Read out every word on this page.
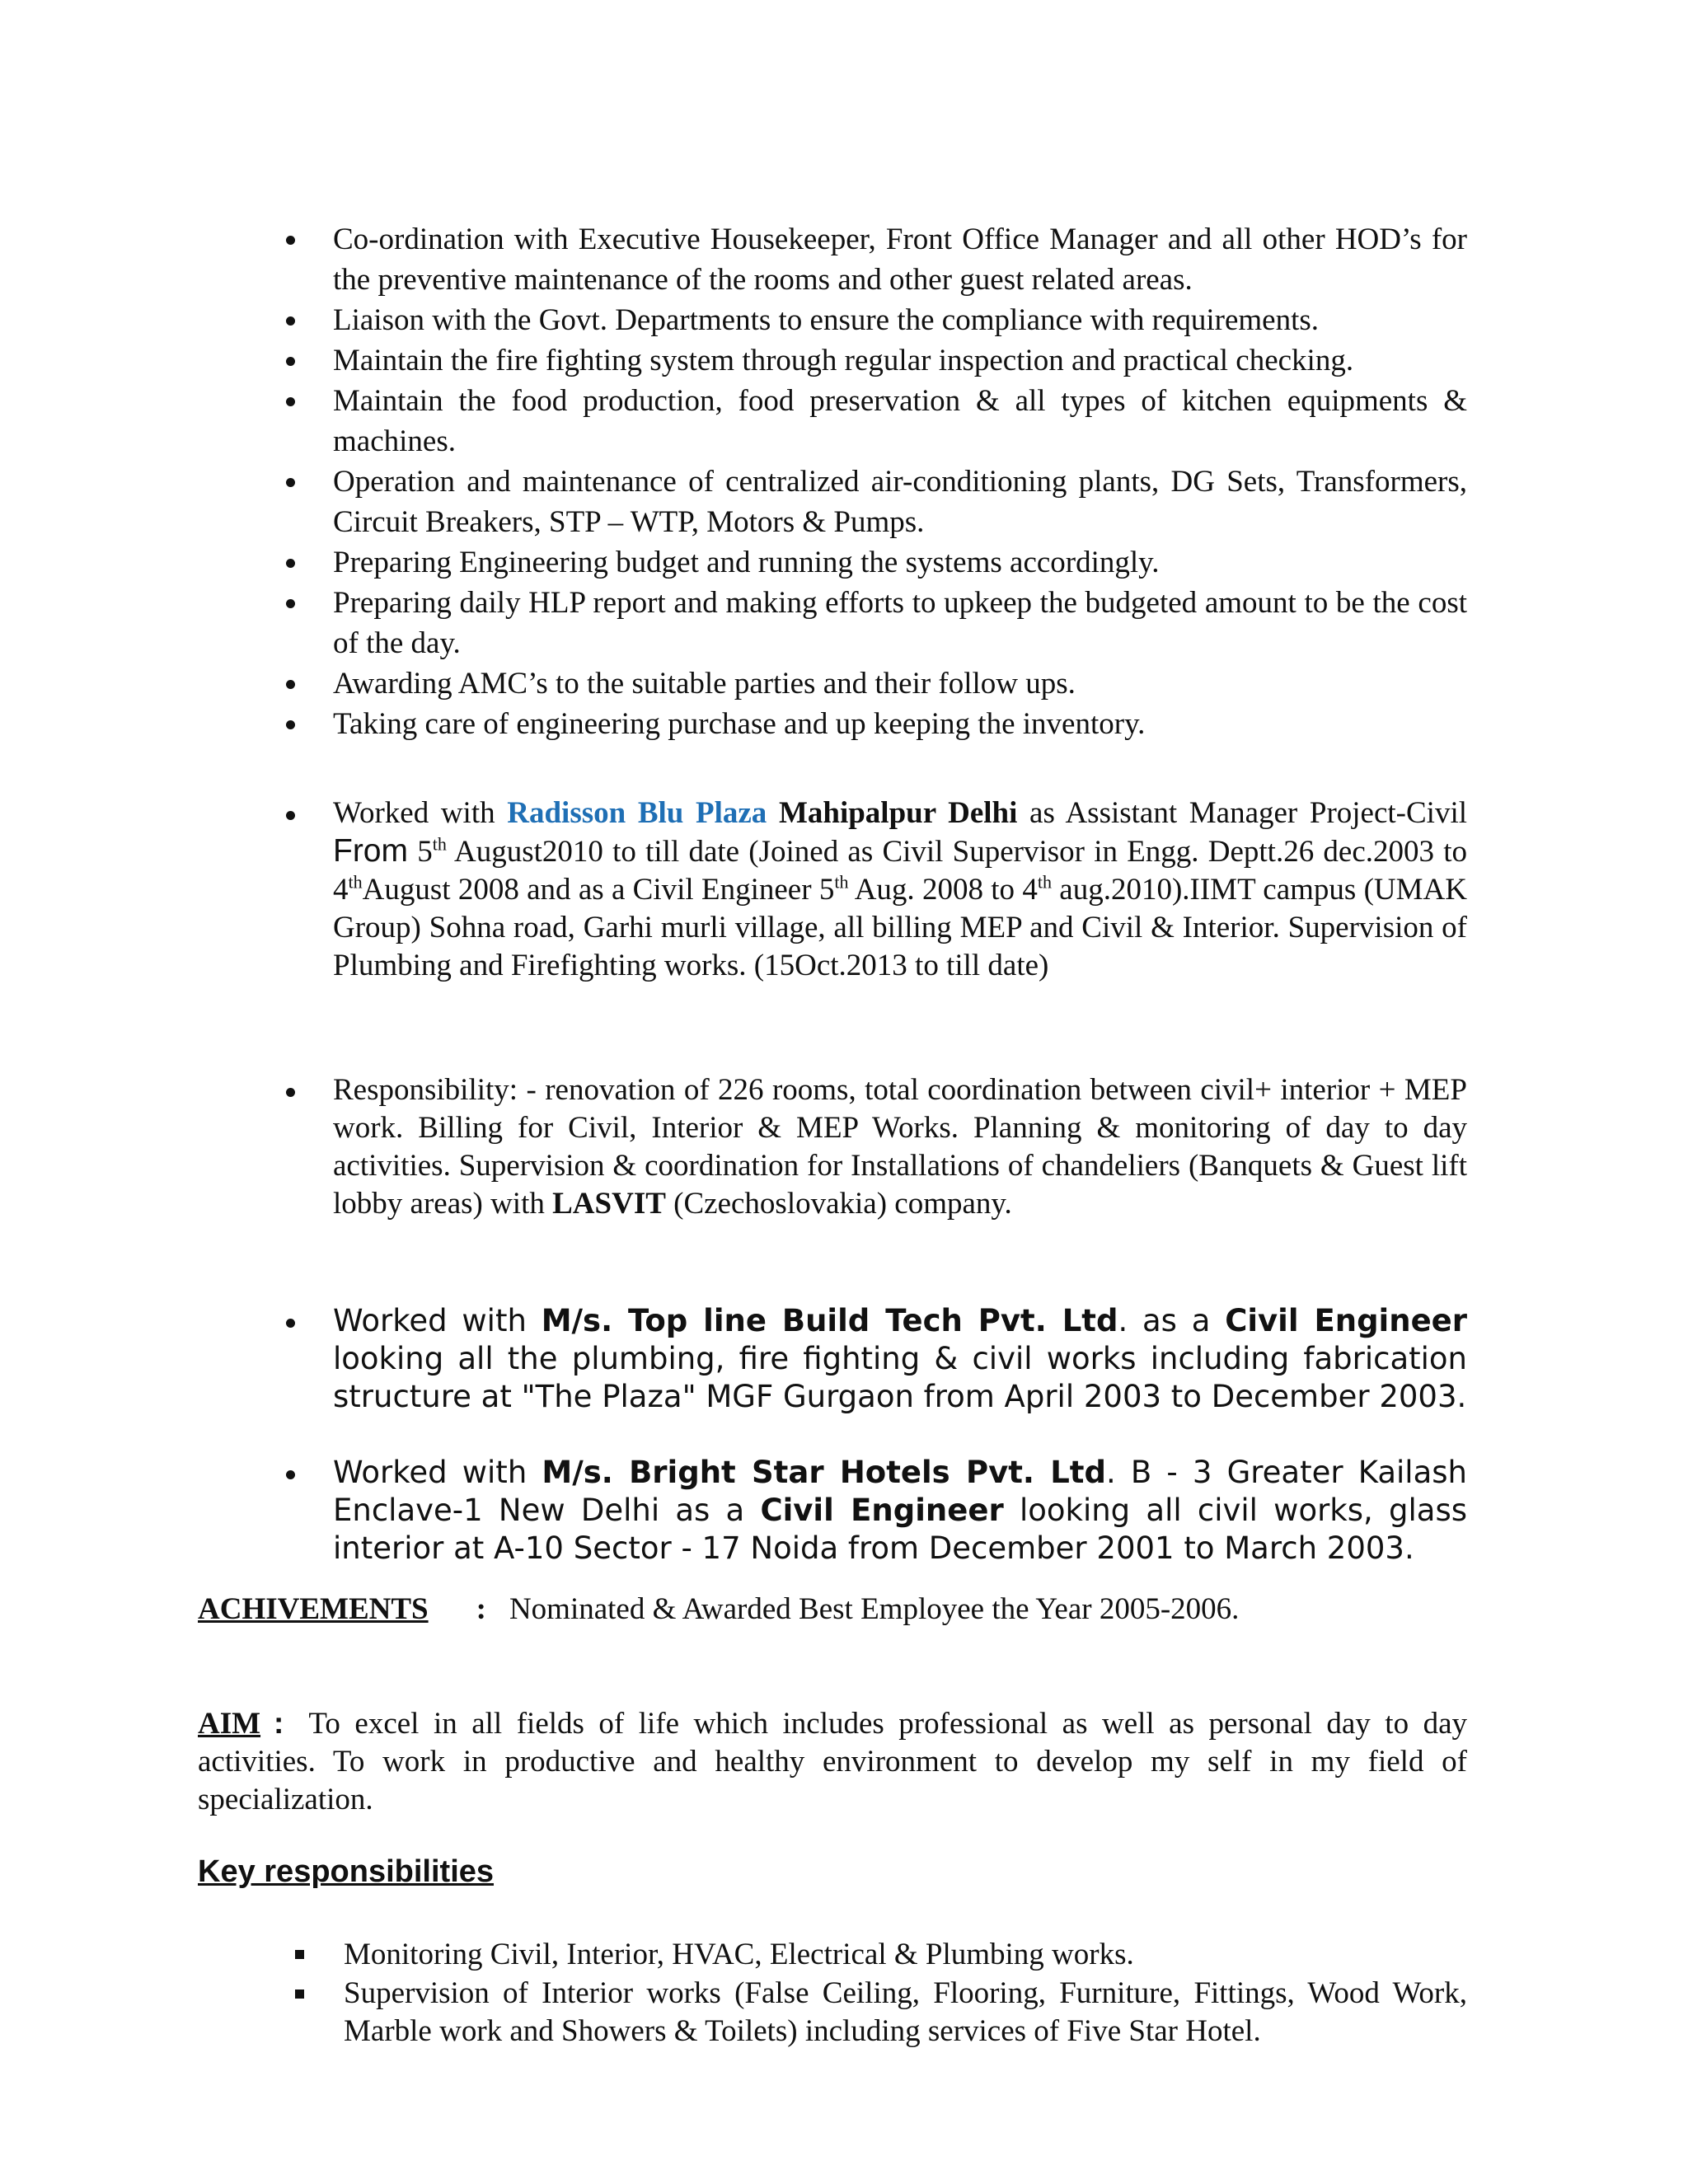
Co-ordination with Executive Housekeeper, Front Office Manager and all other HOD’s for the preventive maintenance of the rooms and other guest related areas.
Liaison with the Govt. Departments to ensure the compliance with requirements.
Maintain the fire fighting system through regular inspection and practical checking.
Maintain the food production, food preservation & all types of kitchen equipments & machines.
Operation and maintenance of centralized air-conditioning plants, DG Sets, Transformers, Circuit Breakers, STP – WTP, Motors & Pumps.
Preparing Engineering budget and running the systems accordingly.
Preparing daily HLP report and making efforts to upkeep the budgeted amount to be the cost of the day.
Awarding AMC’s to the suitable parties and their follow ups.
Taking care of engineering purchase and up keeping the inventory.
Worked with Radisson Blu Plaza Mahipalpur Delhi as Assistant Manager Project-Civil From 5th August2010 to till date (Joined as Civil Supervisor in Engg. Deptt.26 dec.2003 to 4thAugust 2008 and as a Civil Engineer 5th Aug. 2008 to 4th aug.2010).IIMT campus (UMAK Group) Sohna road, Garhi murli village, all billing MEP and Civil & Interior. Supervision of Plumbing and Firefighting works. (15Oct.2013 to till date)
Responsibility: - renovation of 226 rooms, total coordination between civil+ interior + MEP work. Billing for Civil, Interior & MEP Works. Planning & monitoring of day to day activities. Supervision & coordination for Installations of chandeliers (Banquets & Guest lift lobby areas) with LASVIT (Czechoslovakia) company.
Worked with M/s. Top line Build Tech Pvt. Ltd. as a Civil Engineer looking all the plumbing, fire fighting & civil works including fabrication structure at "The Plaza" MGF Gurgaon from April 2003 to December 2003.
Worked with M/s. Bright Star Hotels Pvt. Ltd. B - 3 Greater Kailash Enclave-1 New Delhi as a Civil Engineer looking all civil works, glass interior at A-10 Sector - 17 Noida from December 2001 to March 2003.
ACHIVEMENTS : Nominated & Awarded Best Employee the Year 2005-2006.
AIM : To excel in all fields of life which includes professional as well as personal day to day activities. To work in productive and healthy environment to develop my self in my field of specialization.
Key responsibilities
Monitoring Civil, Interior, HVAC, Electrical & Plumbing works.
Supervision of Interior works (False Ceiling, Flooring, Furniture, Fittings, Wood Work, Marble work and Showers & Toilets) including services of Five Star Hotel.
